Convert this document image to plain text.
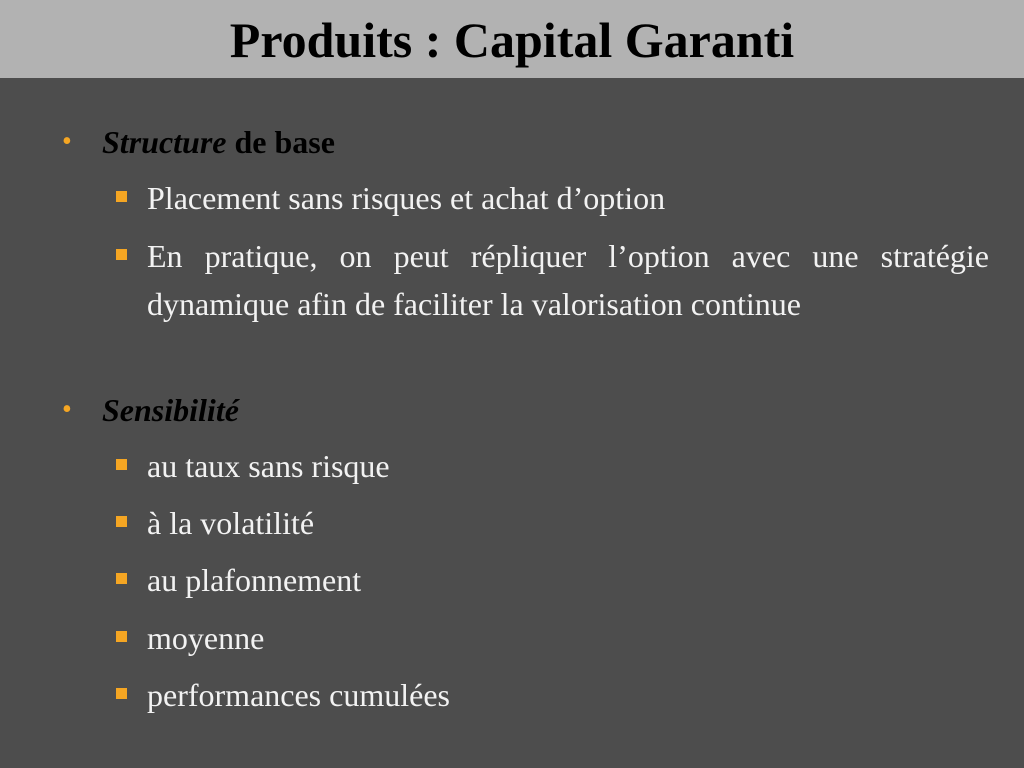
Produits : Capital Garanti
• Structure de base
Placement sans risques et achat d’option
En pratique, on peut répliquer l’option avec une stratégie dynamique afin de faciliter la valorisation continue
• Sensibilité
au taux sans risque
à la volatilité
au plafonnement
moyenne
performances cumulées
